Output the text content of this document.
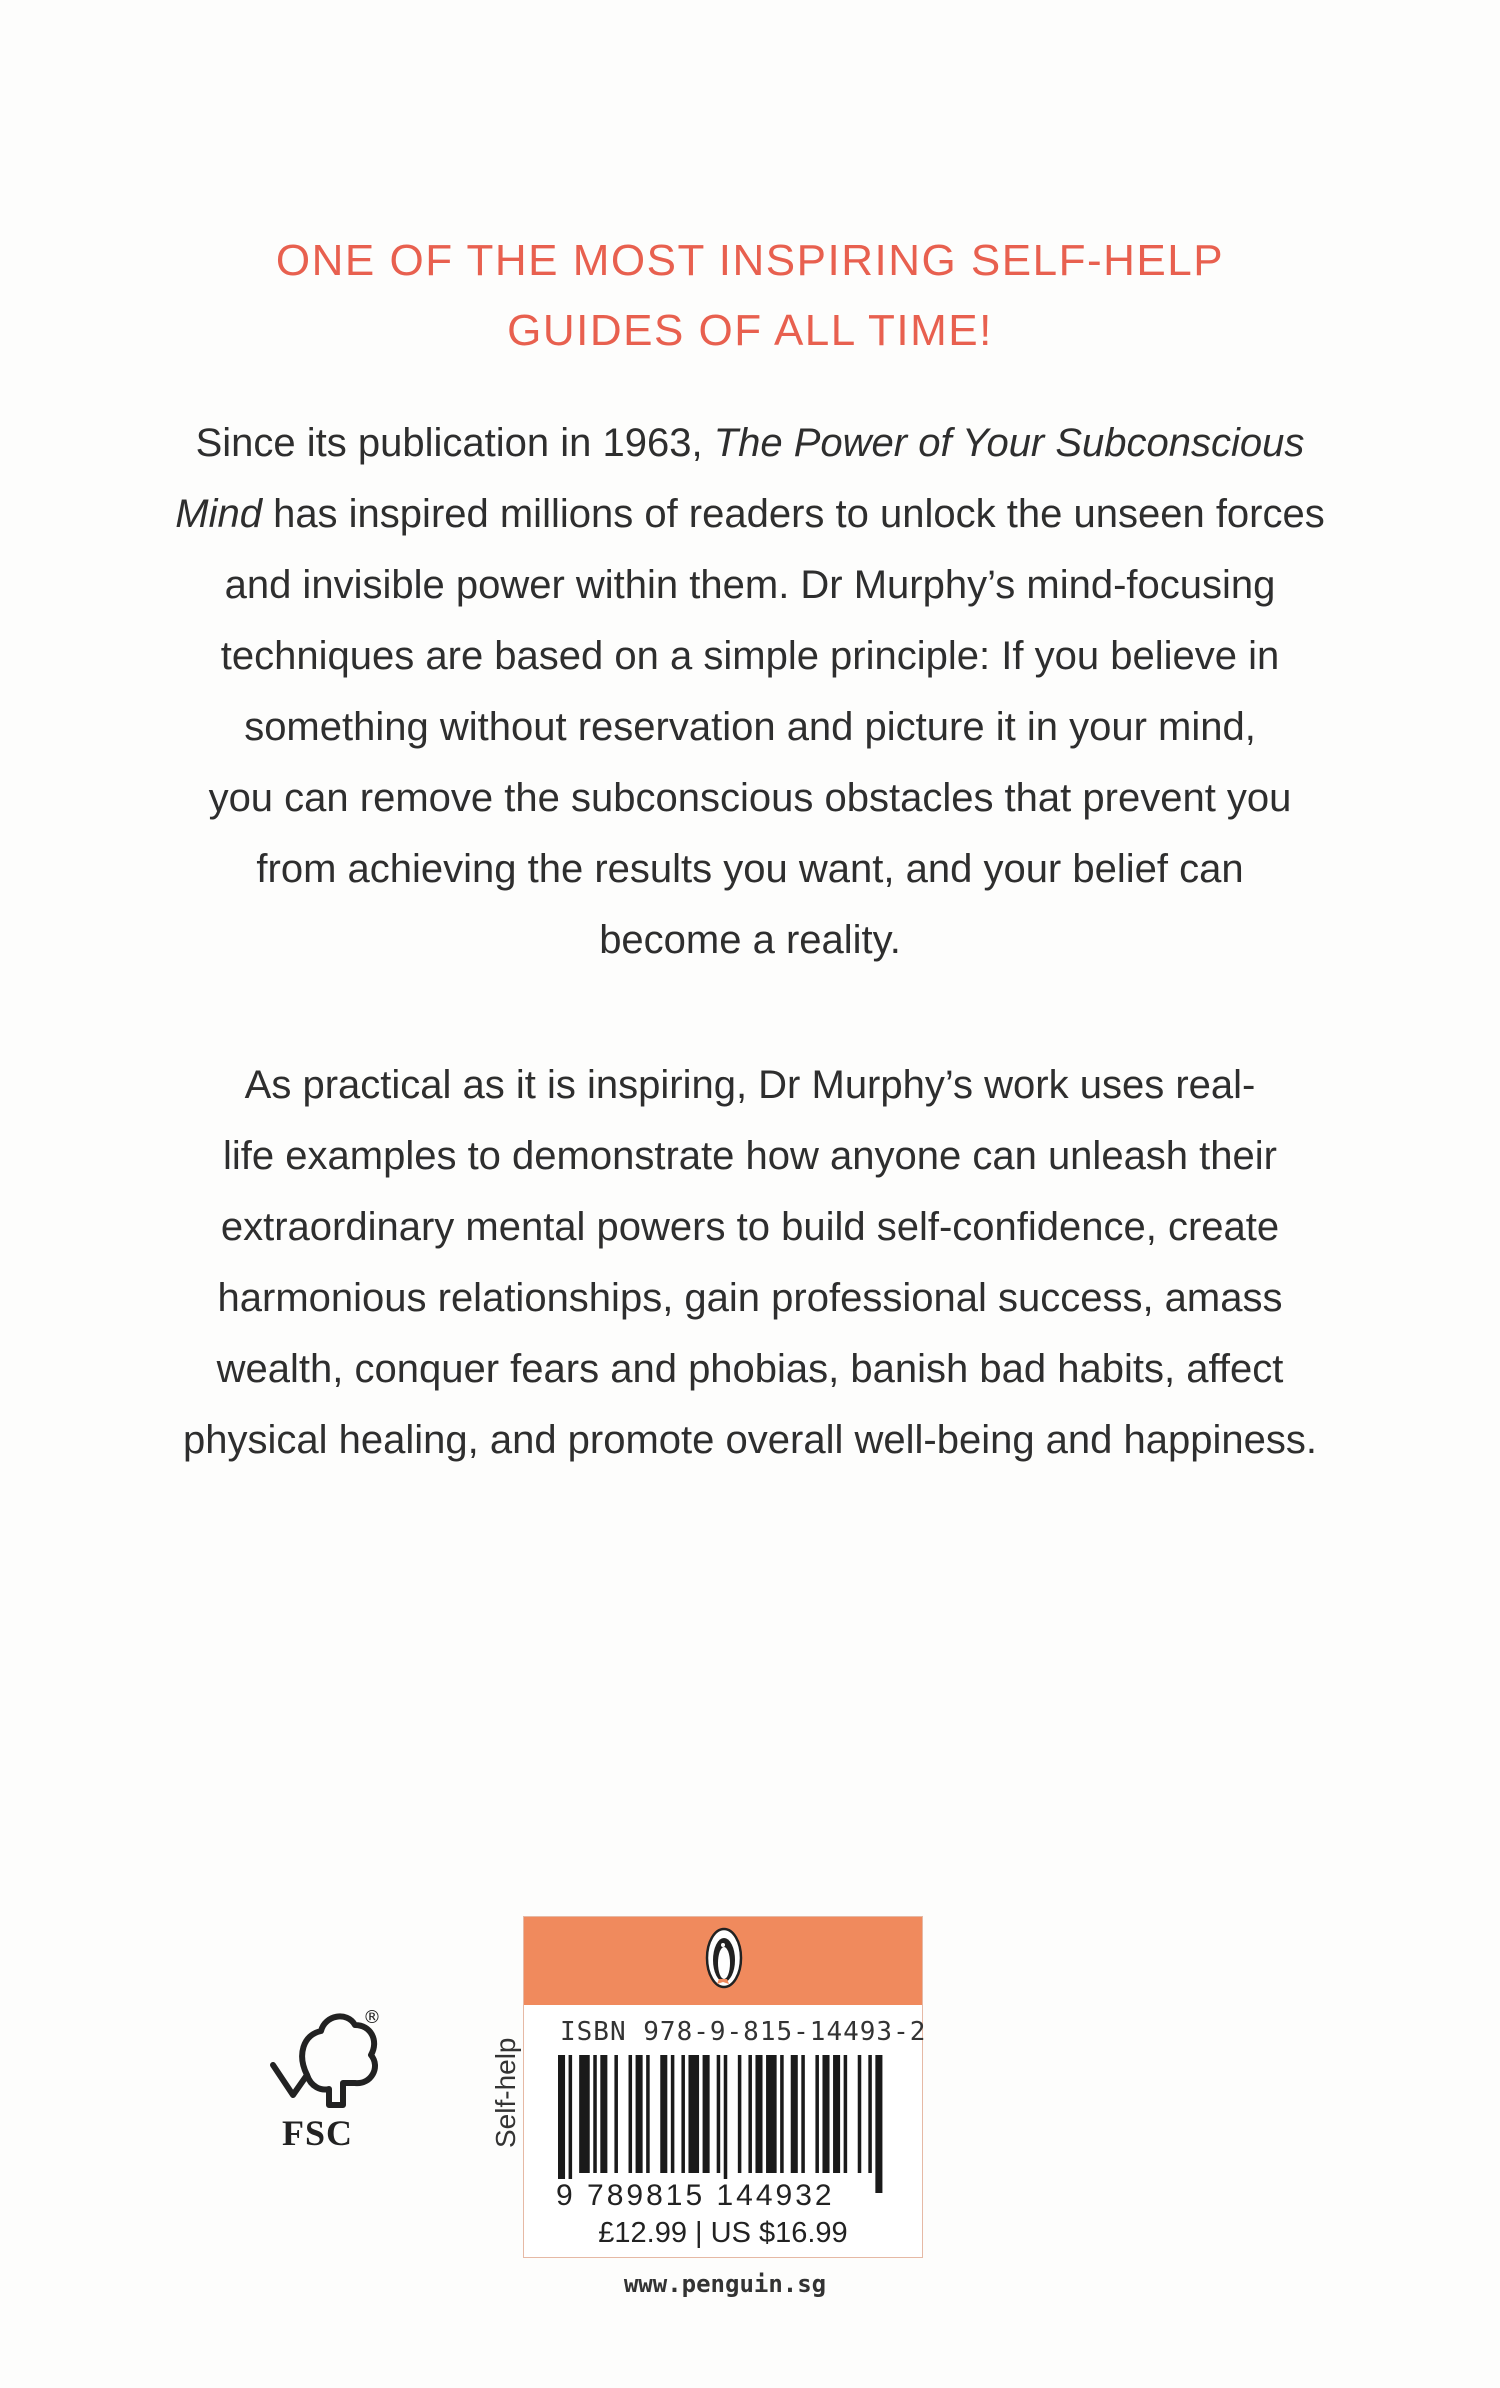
ONE OF THE MOST INSPIRING SELF-HELP
GUIDES OF ALL TIME!
Since its publication in 1963, The Power of Your Subconscious
Mind has inspired millions of readers to unlock the unseen forces
and invisible power within them. Dr Murphy’s mind-focusing
techniques are based on a simple principle: If you believe in
something without reservation and picture it in your mind,
you can remove the subconscious obstacles that prevent you
from achieving the results you want, and your belief can
become a reality.
As practical as it is inspiring, Dr Murphy’s work uses real-
life examples to demonstrate how anyone can unleash their
extraordinary mental powers to build self-confidence, create
harmonious relationships, gain professional success, amass
wealth, conquer fears and phobias, banish bad habits, affect
physical healing, and promote overall well-being and happiness.
®
FSC	Self-help
ISBN 978-9-815-14493-2
9 789815 144932
£12.99 | US $16.99
www.penguin.sg
